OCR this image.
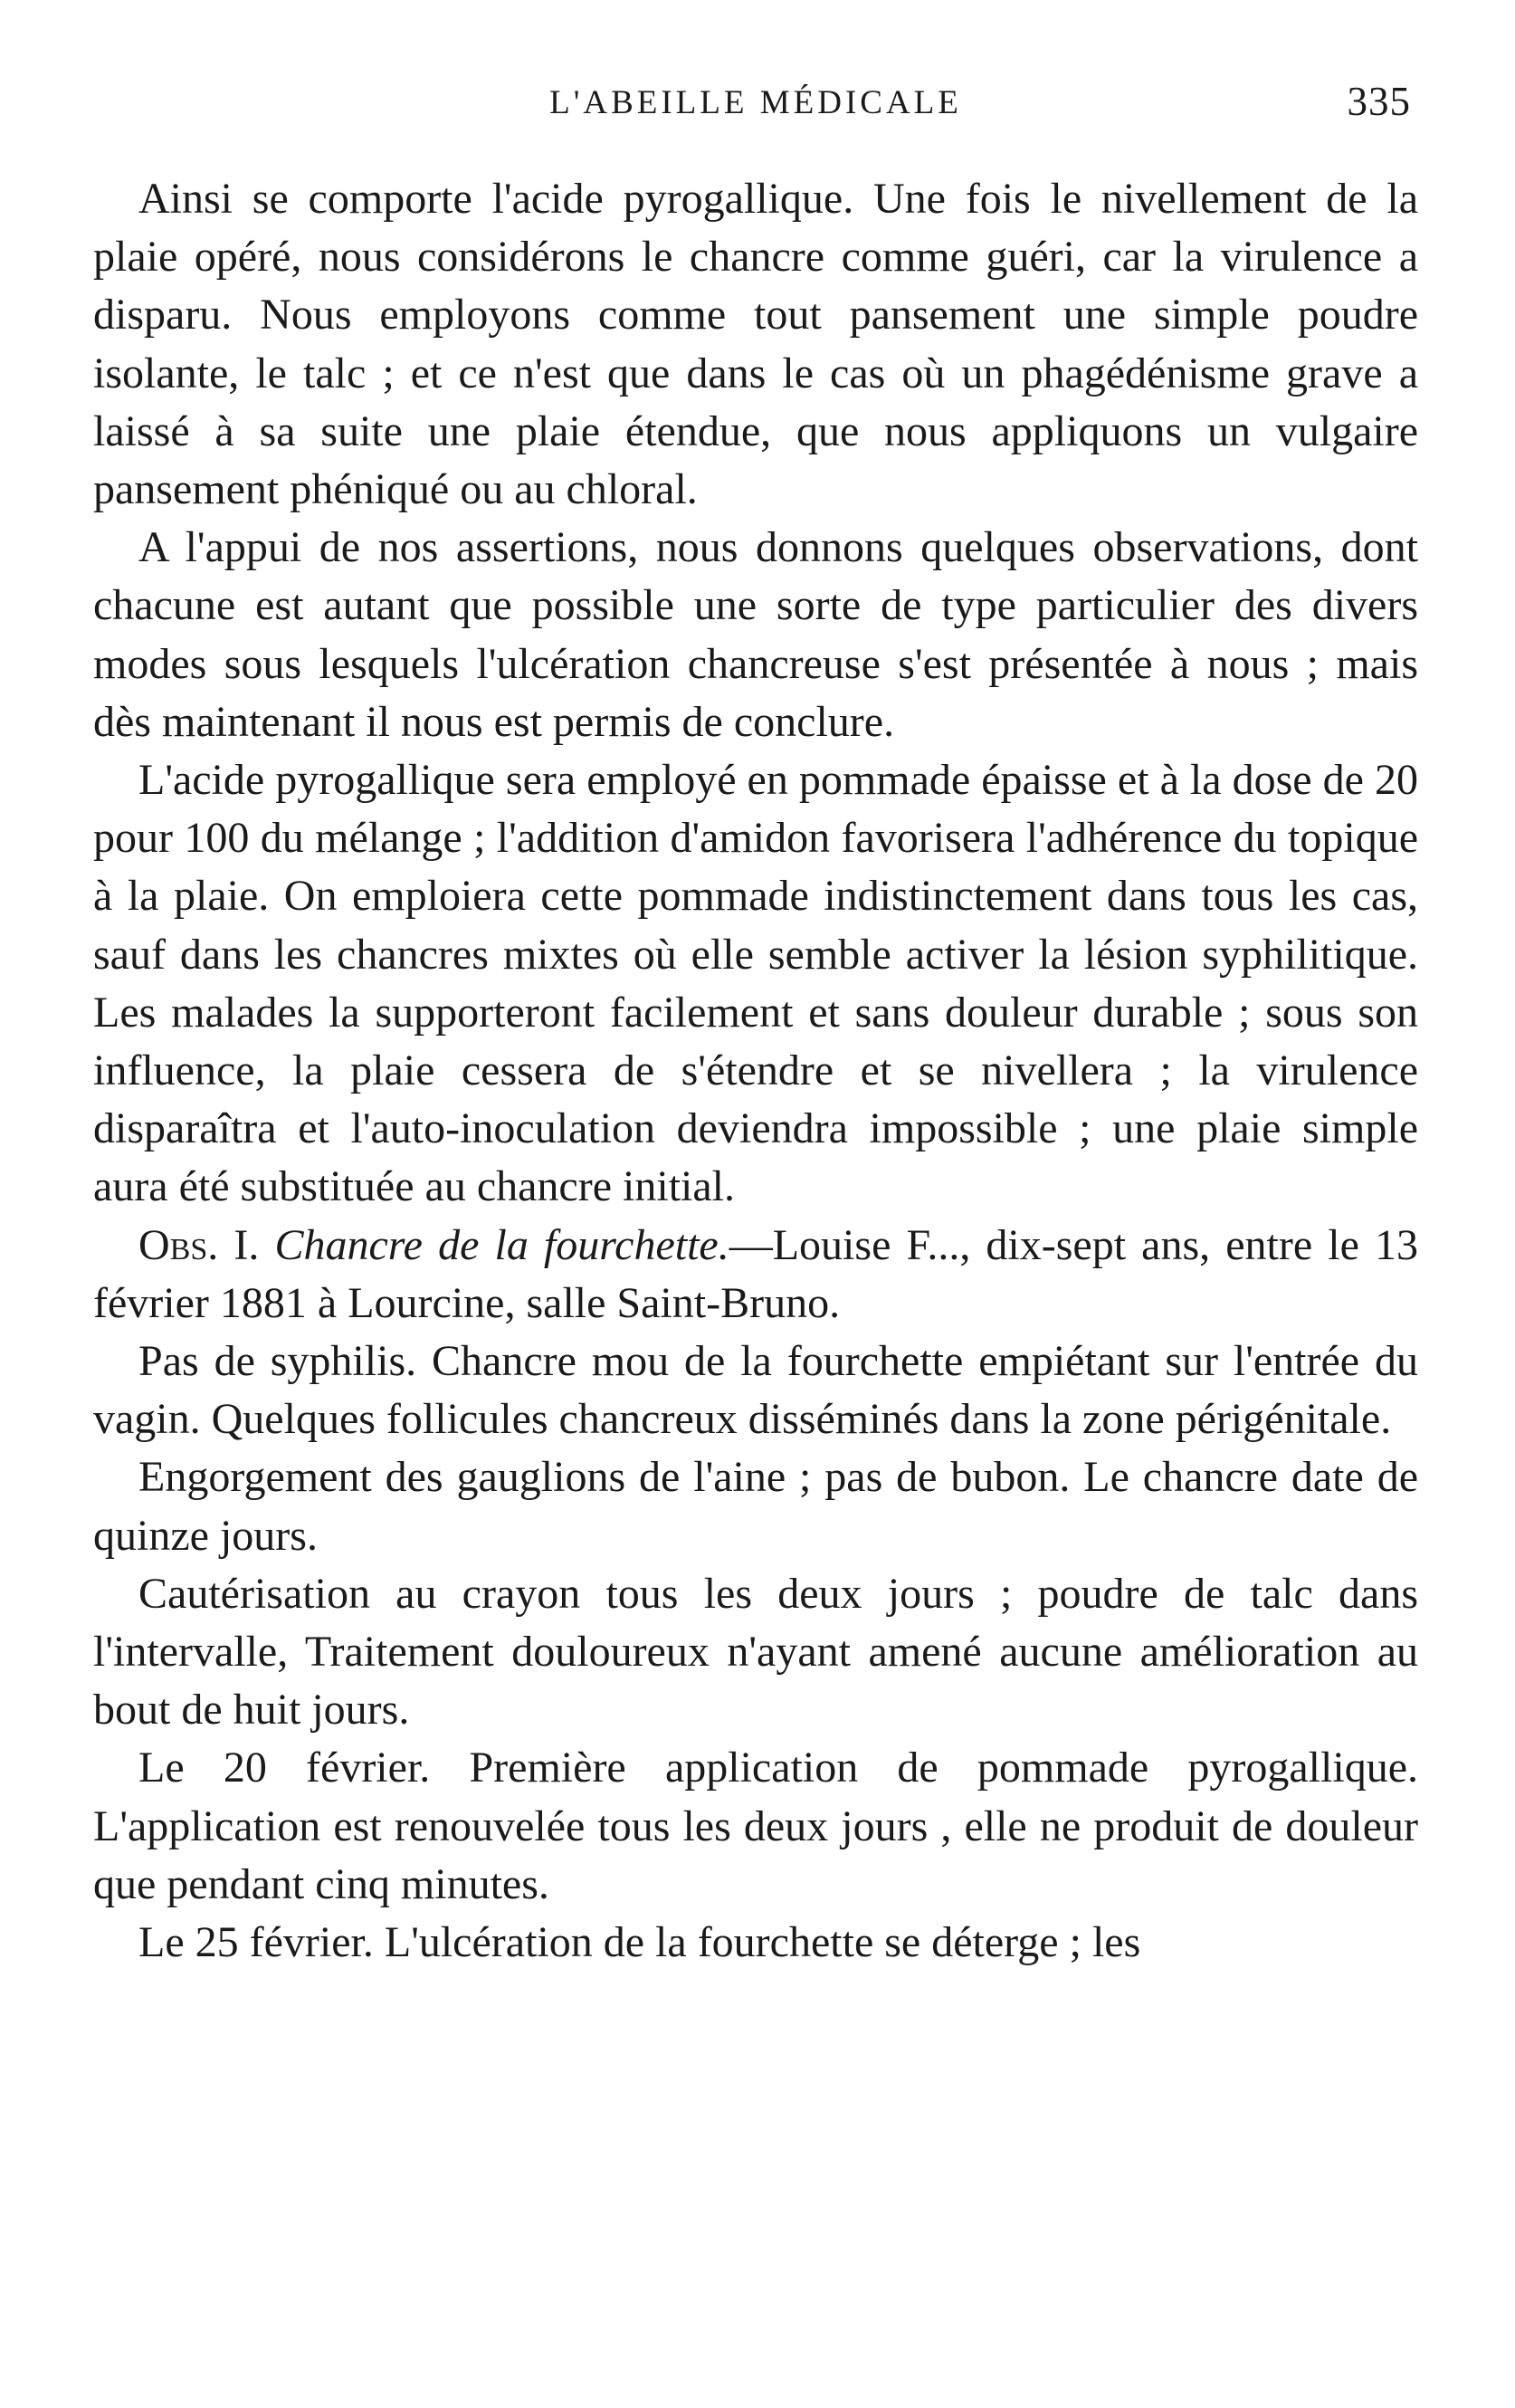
L'ABEILLE MÉDICALE	335

Ainsi se comporte l'acide pyrogallique. Une fois le nivellement de la plaie opéré, nous considérons le chancre comme guéri, car la virulence a disparu. Nous employons comme tout pansement une simple poudre isolante, le talc ; et ce n'est que dans le cas où un phagédénisme grave a laissé à sa suite une plaie étendue, que nous appliquons un vulgaire pansement phéniqué ou au chloral.

A l'appui de nos assertions, nous donnons quelques observations, dont chacune est autant que possible une sorte de type particulier des divers modes sous lesquels l'ulcération chancreuse s'est présentée à nous ; mais dès maintenant il nous est permis de conclure.

L'acide pyrogallique sera employé en pommade épaisse et à la dose de 20 pour 100 du mélange ; l'addition d'amidon favorisera l'adhérence du topique à la plaie. On emploiera cette pommade indistinctement dans tous les cas, sauf dans les chancres mixtes où elle semble activer la lésion syphilitique. Les malades la supporteront facilement et sans douleur durable ; sous son influence, la plaie cessera de s'étendre et se nivellera ; la virulence disparaîtra et l'auto-inoculation deviendra impossible ; une plaie simple aura été substituée au chancre initial.

Obs. I. Chancre de la fourchette.—Louise F..., dix-sept ans, entre le 13 février 1881 à Lourcine, salle Saint-Bruno.

Pas de syphilis. Chancre mou de la fourchette empiétant sur l'entrée du vagin. Quelques follicules chancreux disséminés dans la zone périgénitale.

Engorgement des gauglions de l'aine ; pas de bubon. Le chancre date de quinze jours.

Cautérisation au crayon tous les deux jours ; poudre de talc dans l'intervalle, Traitement douloureux n'ayant amené aucune amélioration au bout de huit jours.

Le 20 février. Première application de pommade pyrogallique. L'application est renouvelée tous les deux jours , elle ne produit de douleur que pendant cinq minutes.

Le 25 février. L'ulcération de la fourchette se déterge ; les
